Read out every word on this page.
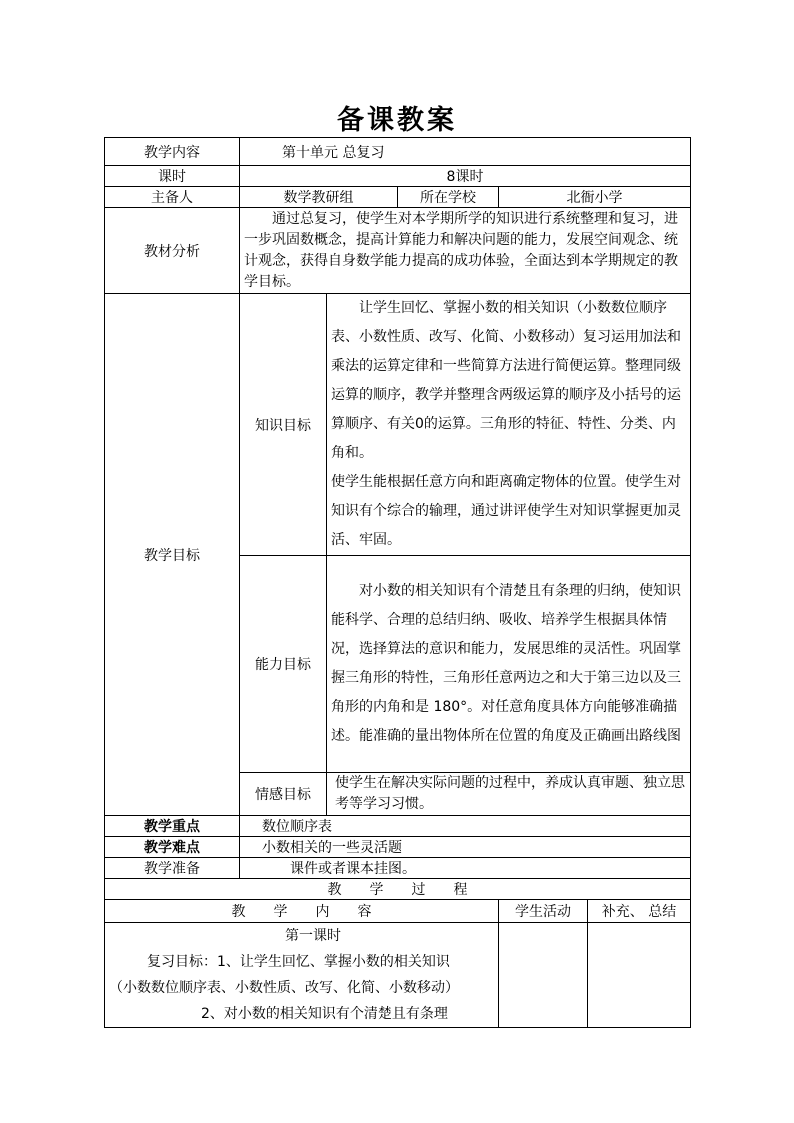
备课教案
教学内容	第十单元 总复习				
课时	8课时				
主备人	数学教研组		所在学校	北衙小学	
教材分析	通过总复习，使学生对本学期所学的知识进行系统整理和复习，进一步巩固数概念，提高计算能力和解决问题的能力，发展空间观念、统计观念，获得自身数学能力提高的成功体验，全面达到本学期规定的教学目标。				
教学目标	知识目标	让学生回忆、掌握小数的相关知识（小数数位顺序表、小数性质、改写、化简、小数移动）复习运用加法和乘法的运算定律和一些简算方法进行简便运算。整理同级运算的顺序，教学并整理含两级运算的顺序及小括号的运算顺序、有关0的运算。三角形的特征、特性、分类、内角和。

使学生能根据任意方向和距离确定物体的位置。使学生对知识有个综合的输理，通过讲评使学生对知识掌握更加灵活、牢固。			

	能力目标	对小数的相关知识有个清楚且有条理的归纳，使知识能科学、合理的总结归纳、吸收、培养学生根据具体情况，选择算法的意识和能力，发展思维的灵活性。巩固掌握三角形的特性，三角形任意两边之和大于第三边以及三角形的内角和是 180°。对任意角度具体方向能够准确描述。能准确的量出物体所在位置的角度及正确画出路线图			
	情感目标	使学生在解决实际问题的过程中，养成认真审题、独立思考等学习习惯。			
教学重点	数位顺序表				
教学难点	小数相关的一些灵活题				
教学准备	课件或者课本挂图。				
教　　学　　过　　程					
教　　学　　内　　容				学生活动	补充、 总结

第一课时

复习目标：1、让学生回忆、掌握小数的相关知识

（小数数位顺序表、小数性质、改写、化简、小数移动）

2、对小数的相关知识有个清楚且有条理					
